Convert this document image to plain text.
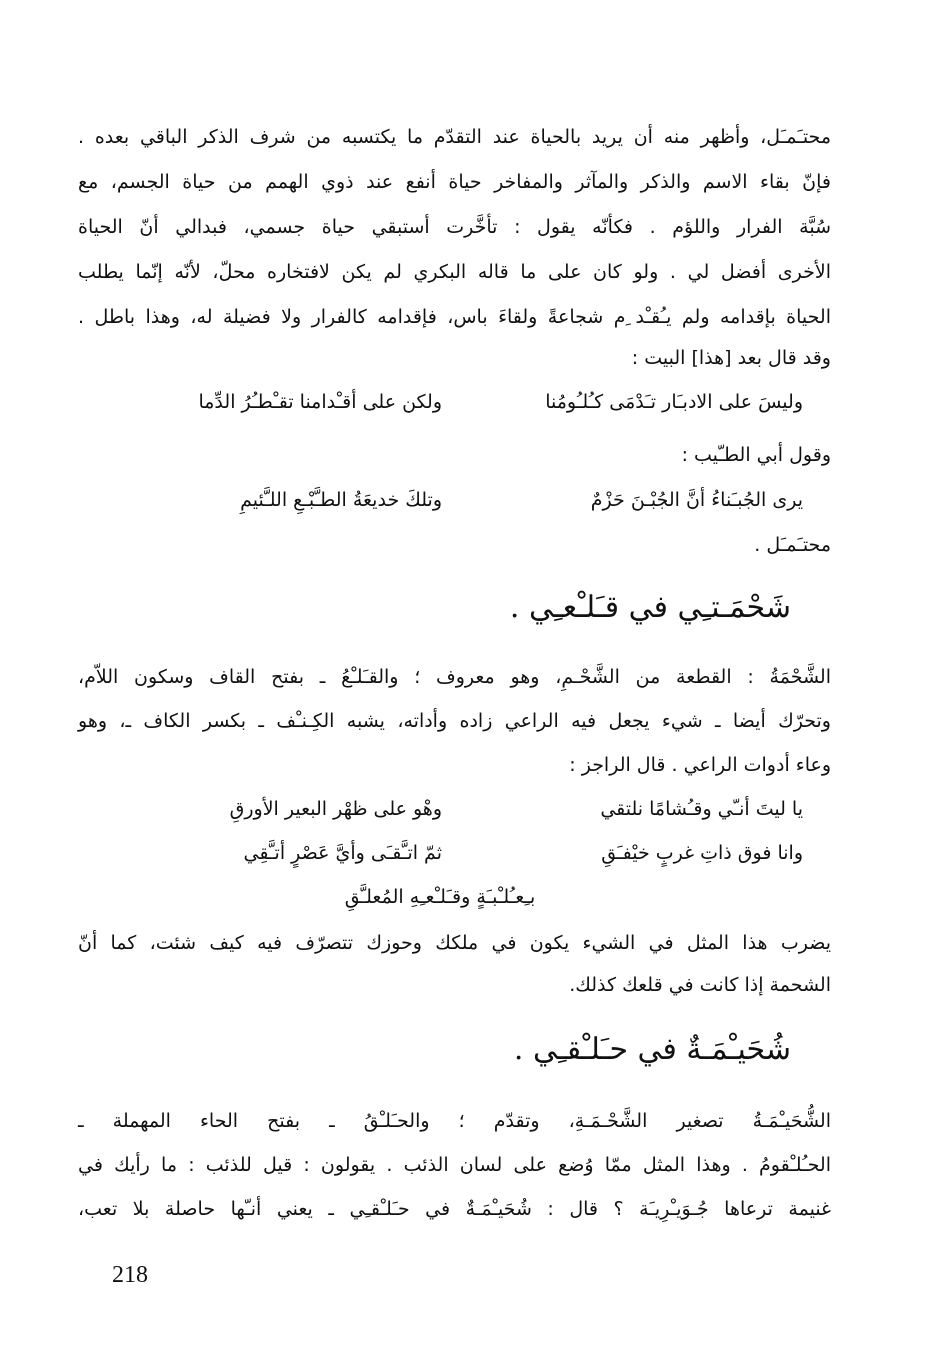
محتـَمـَل، وأظهر منه أن يريد بالحياة عند التقدّم ما يكتسبه من شرف الذكر الباقي بعده .
فإنّ بقاء الاسم والذكر والمآثر والمفاخر حياة أنفع عند ذوي الهمم من حياة الجسم، مع
سُبَّة الفرار واللؤم . فكأنّه يقول : تأخَّرت أستبقي حياة جسمي، فبدالي أنّ الحياة
الأخرى أفضل لي . ولو كان على ما قاله البكري لم يكن لافتخاره محلّ، لأنّه إنّما يطلب
الحياة بإقدامه ولم يـُقـْد ِم شجاعةً ولقاءَ باس، فإقدامه كالفرار ولا فضيلة له، وهذا باطل .
وقد قال بعد [هذا] البيت :
وليسَ على الادبـَار تـَدْمَى كـُلـُومُنا
ولكن على أقـْدامنا تقـْطـُرُ الدِّما
وقول أبي الطـّيب :
يرى الجُبـَناءُ أنَّ الجُبْـنَ حَزْمٌ
وتلكَ خديعَةُ الطـَّبْـعِ اللـَّئيمِ
محتـَمـَل .
شَحْمَـتـِي في قـَلـْعـِي .
الشَّحْمَةُ : القطعة من الشَّحْـمِ، وهو معروف ؛ والقـَلـْعُ ـ بفتح القاف وسكون اللاّم،
وتحرّك أيضا ـ شيء يجعل فيه الراعي زاده وأداته، يشبه الكِـنـْف ـ بكسر الكاف ـ، وهو
وعاء أدوات الراعي . قال الراجز :
يا ليتَ أنـّي وقـُشامًا نلتقي
وهْو على ظهْر البعير الأورقِ
وانا فوق ذاتِ غربٍ خيْفـَقِ
ثمّ اتـَّقـَى وأيَّ عَصْرٍ أتـَّقِي
بـِعـُلـْبـَةٍ وقـَلـْعـِهِ المُعلـَّقِ
يضرب هذا المثل في الشيء يكون في ملكك وحوزك تتصرّف فيه كيف شئت، كما أنّ
الشحمة إذا كانت في قلعك كذلك.
شُحَيـْمَـةٌ في حـَلـْقـِي .
الشُّحَيـْمَـةُ تصغير الشَّحْـمَـةِ، وتقدّم ؛ والحـَلـْقُ ـ بفتح الحاء المهملة ـ
الحـُلـْقومُ . وهذا المثل ممّا وُضع على لسان الذئب . يقولون : قيل للذئب : ما رأيك في
غنيمة ترعاها جُـوَيـْرِيـَة ؟ قال : شُحَيـْمَـةٌ في حـَلـْقـِي ـ يعني أنـّها حاصلة بلا تعب،
218
